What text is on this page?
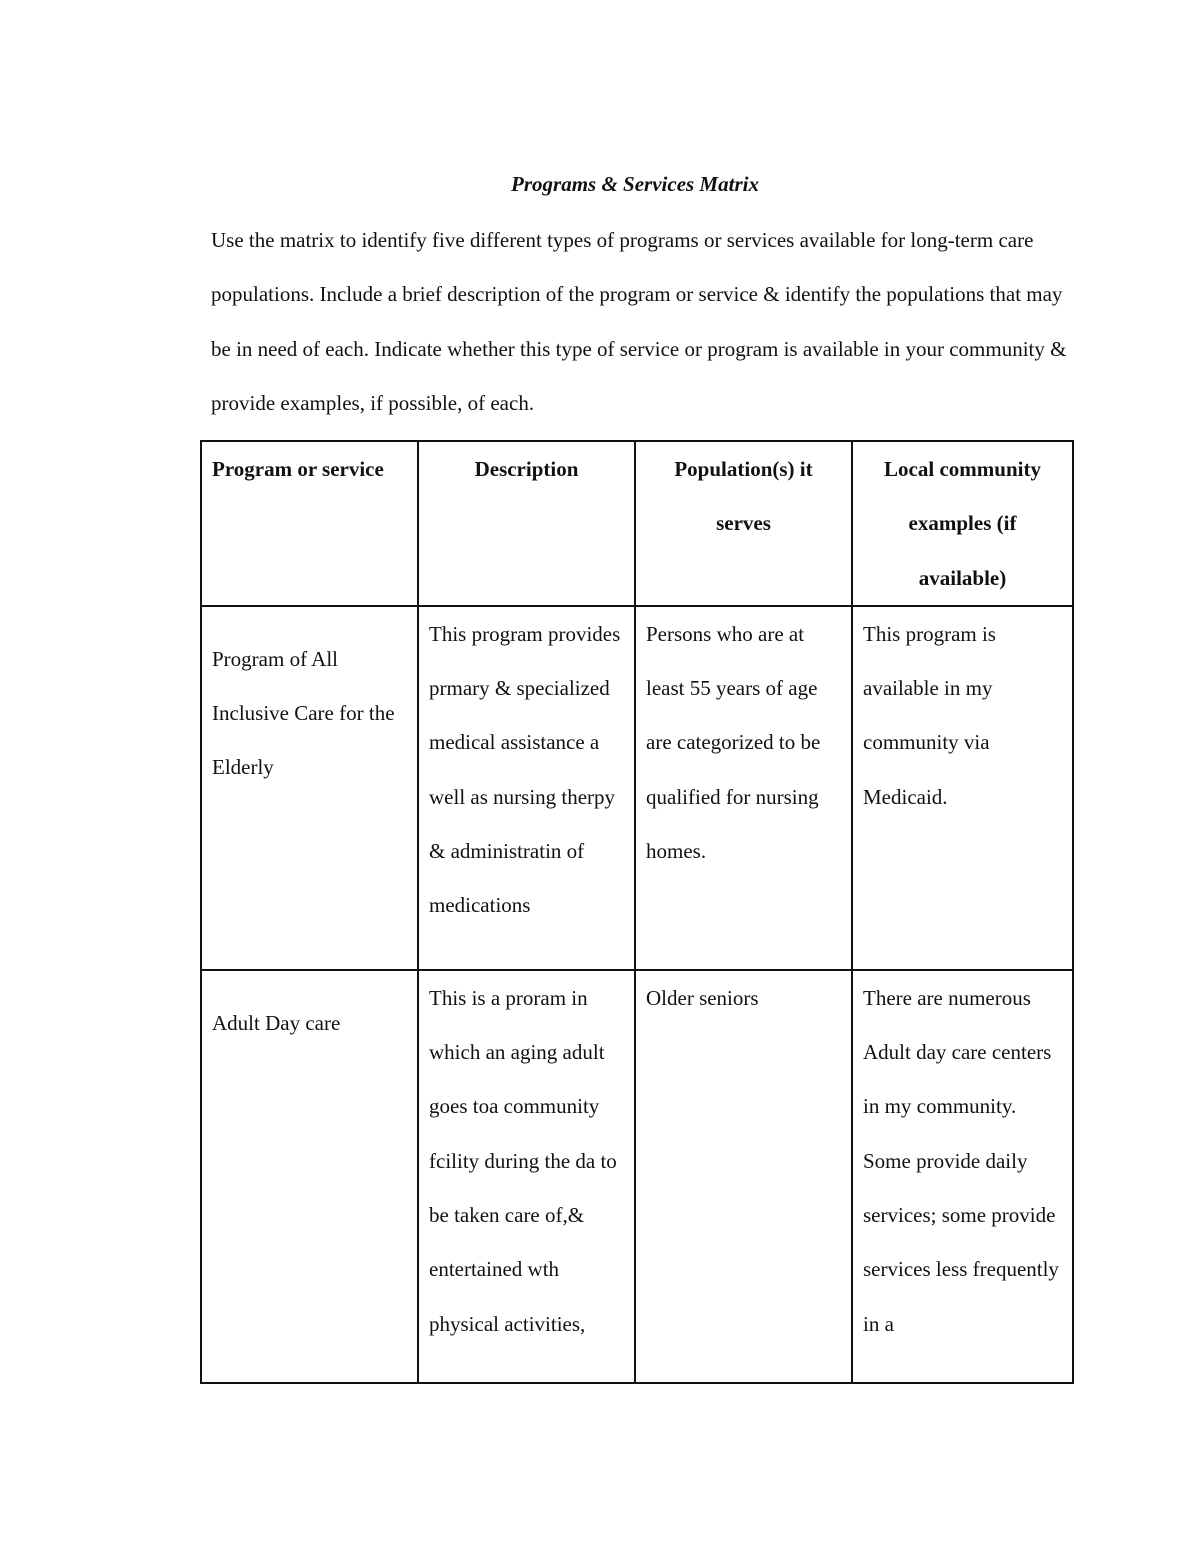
Programs & Services Matrix

Use the matrix to identify five different types of programs or services available for long-term care populations. Include a brief description of the program or service & identify the populations that may be in need of each. Indicate whether this type of service or program is available in your community & provide examples, if possible, of each.

Program or service	Description	Population(s) it serves	Local community examples (if available)

Program of All Inclusive Care for the Elderly	This program provides prmary & specialized medical assistance a well as nursing therpy & administratin of medications	Persons who are at least 55 years of age are categorized to be qualified for nursing homes.	This program is available in my community via Medicaid.

Adult Day care	This is a proram in which an aging adult goes toa community fcility during the da to be taken care of,& entertained wth physical activities,	Older seniors	There are numerous Adult day care centers in my community. Some provide daily services; some provide services less frequently in a
